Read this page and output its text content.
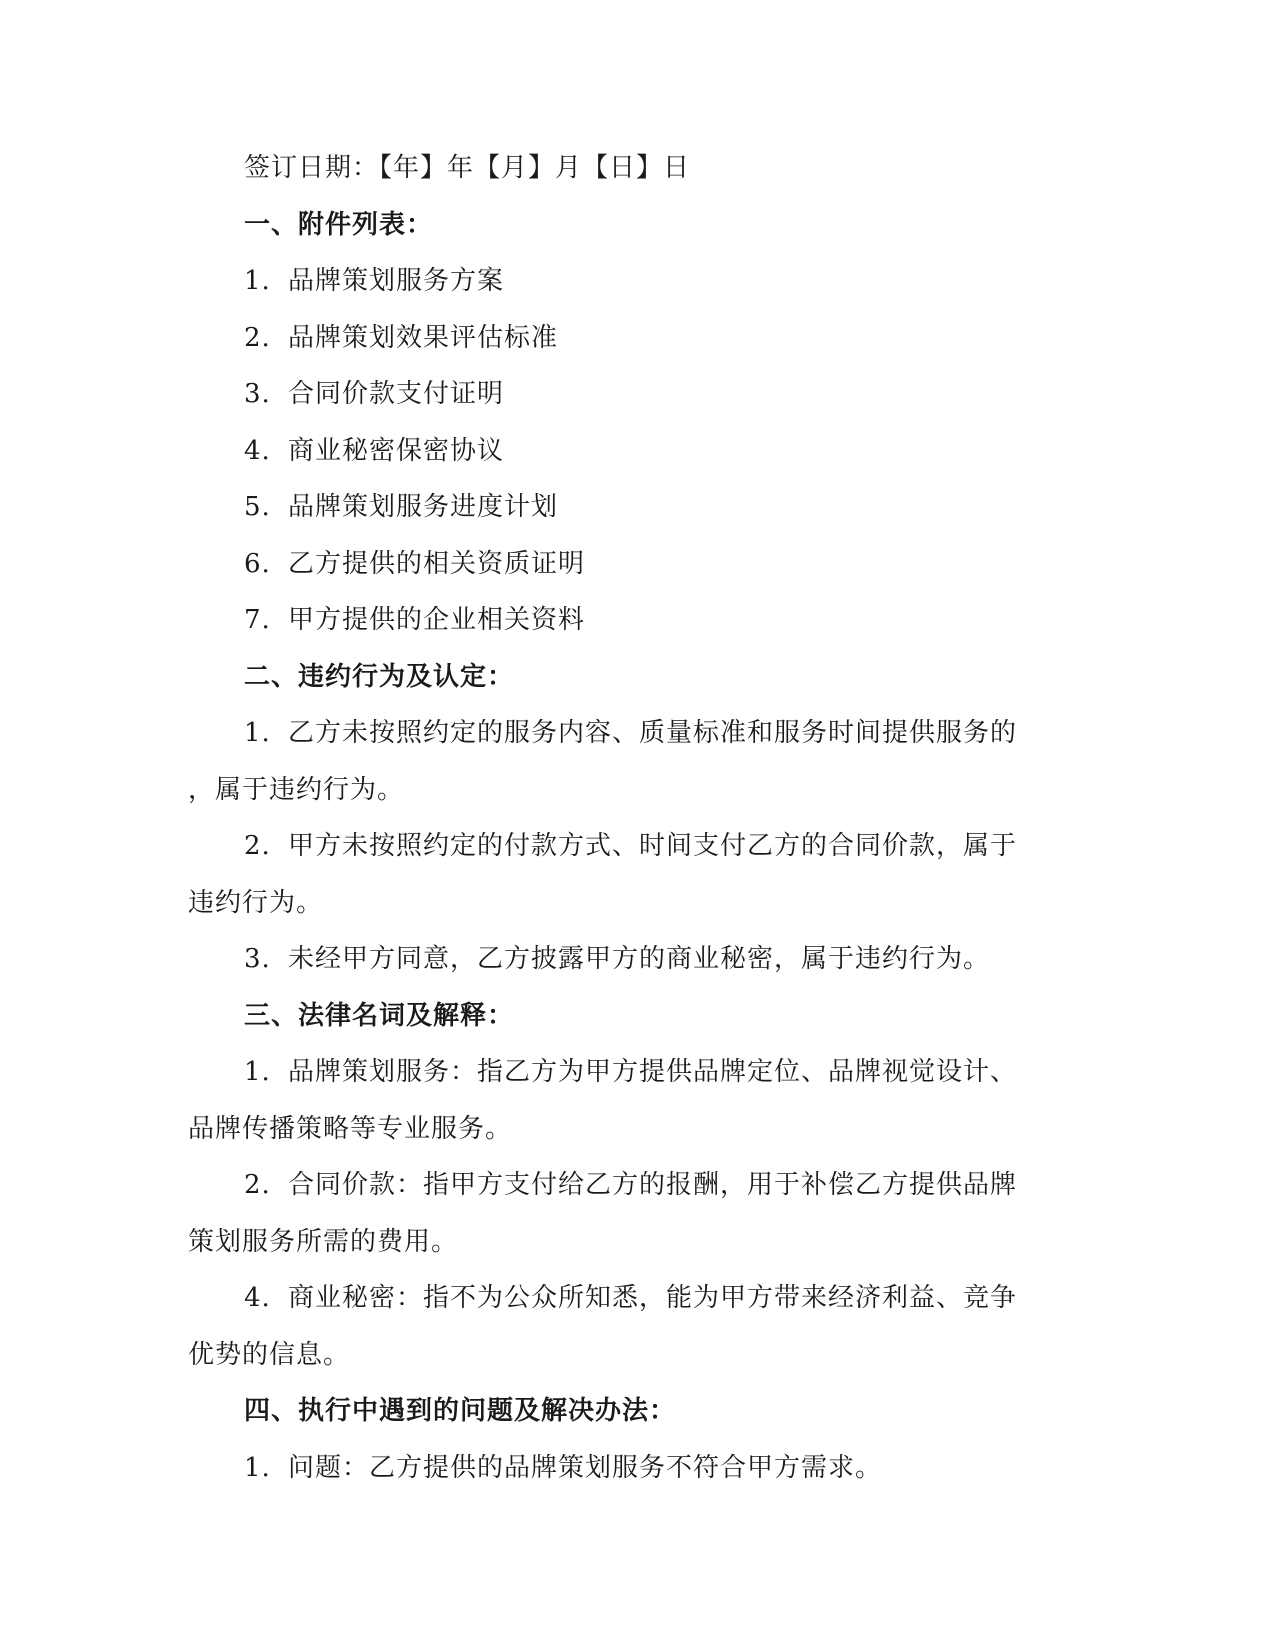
签订日期：【年】年【月】月【日】日
一、附件列表：
1. 品牌策划服务方案
2. 品牌策划效果评估标准
3. 合同价款支付证明
4. 商业秘密保密协议
5. 品牌策划服务进度计划
6. 乙方提供的相关资质证明
7. 甲方提供的企业相关资料
二、违约行为及认定：
1. 乙方未按照约定的服务内容、质量标准和服务时间提供服务的
，属于违约行为。
2. 甲方未按照约定的付款方式、时间支付乙方的合同价款，属于
违约行为。
3. 未经甲方同意，乙方披露甲方的商业秘密，属于违约行为。
三、法律名词及解释：
1. 品牌策划服务：指乙方为甲方提供品牌定位、品牌视觉设计、
品牌传播策略等专业服务。
2. 合同价款：指甲方支付给乙方的报酬，用于补偿乙方提供品牌
策划服务所需的费用。
4. 商业秘密：指不为公众所知悉，能为甲方带来经济利益、竞争
优势的信息。
四、执行中遇到的问题及解决办法：
1. 问题：乙方提供的品牌策划服务不符合甲方需求。
